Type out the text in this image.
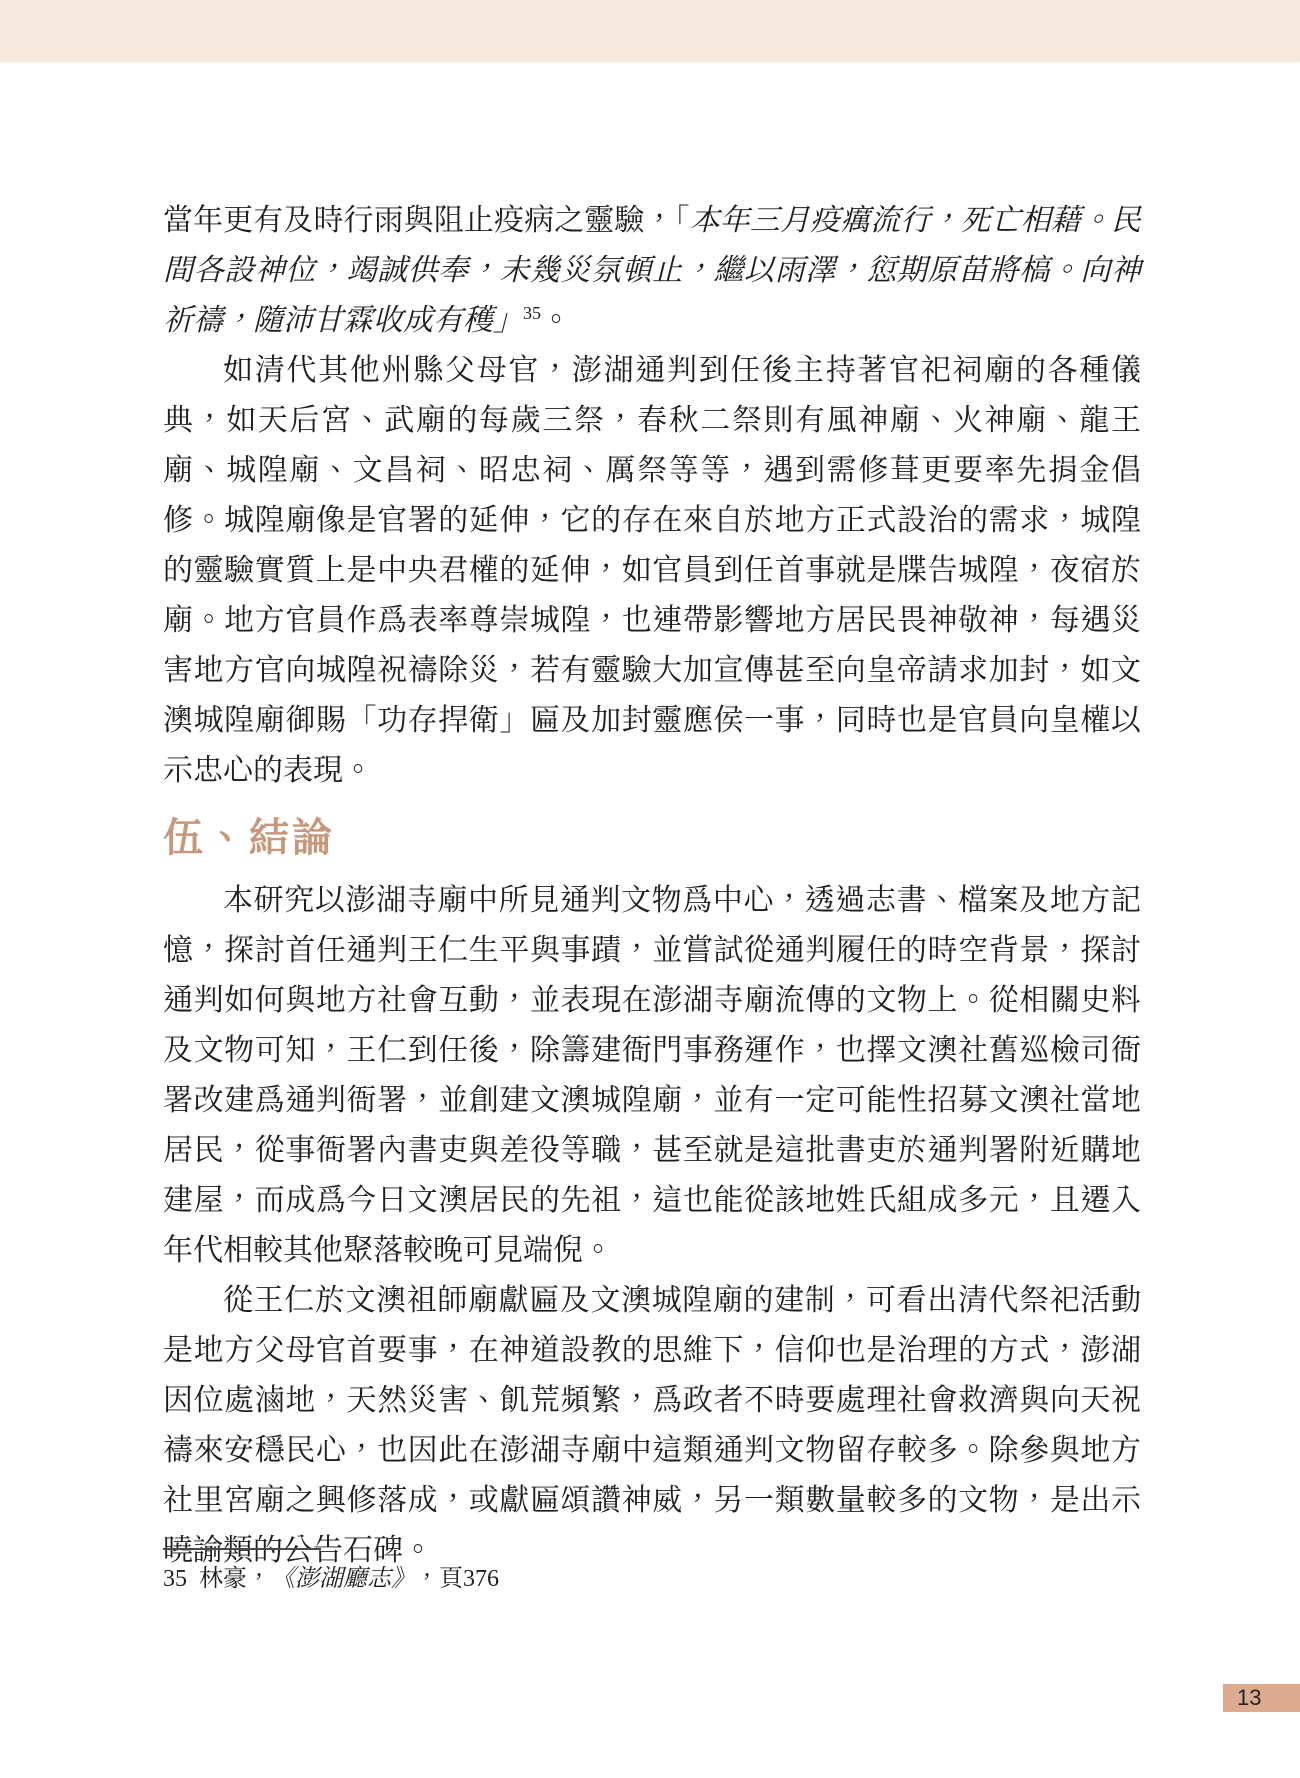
當年更有及時行雨與阻止疫病之靈驗，「本年三月疫癘流行，死亡相藉。民間各設神位，竭誠供奉，未幾災氛頓止，繼以雨澤，愆期原苗將槁。向神祈禱，隨沛甘霖收成有穫」$^{35}$。

如清代其他州縣父母官，澎湖通判到任後主持著官祀祠廟的各種儀典，如天后宮、武廟的每歲三祭，春秋二祭則有風神廟、火神廟、龍王廟、城隍廟、文昌祠、昭忠祠、厲祭等等，遇到需修葺更要率先捐金倡修。城隍廟像是官署的延伸，它的存在來自於地方正式設治的需求，城隍的靈驗實質上是中央君權的延伸，如官員到任首事就是牒告城隍，夜宿於廟。地方官員作爲表率尊崇城隍，也連帶影響地方居民畏神敬神，每遇災害地方官向城隍祝禱除災，若有靈驗大加宣傳甚至向皇帝請求加封，如文澳城隍廟御賜「功存捍衛」匾及加封靈應侯一事，同時也是官員向皇權以示忠心的表現。

伍、結論

本研究以澎湖寺廟中所見通判文物爲中心，透過志書、檔案及地方記憶，探討首任通判王仁生平與事蹟，並嘗試從通判履任的時空背景，探討通判如何與地方社會互動，並表現在澎湖寺廟流傳的文物上。從相關史料及文物可知，王仁到任後，除籌建衙門事務運作，也擇文澳社舊巡檢司衙署改建爲通判衙署，並創建文澳城隍廟，並有一定可能性招募文澳社當地居民，從事衙署內書吏與差役等職，甚至就是這批書吏於通判署附近購地建屋，而成爲今日文澳居民的先祖，這也能從該地姓氏組成多元，且遷入年代相較其他聚落較晚可見端倪。

從王仁於文澳祖師廟獻匾及文澳城隍廟的建制，可看出清代祭祀活動是地方父母官首要事，在神道設教的思維下，信仰也是治理的方式，澎湖因位處滷地，天然災害、飢荒頻繁，爲政者不時要處理社會救濟與向天祝禱來安穩民心，也因此在澎湖寺廟中這類通判文物留存較多。除參與地方社里宮廟之興修落成，或獻匾頌讚神威，另一類數量較多的文物，是出示曉諭類的公告石碑。

35 林豪，《澎湖廳志》，頁376
13
